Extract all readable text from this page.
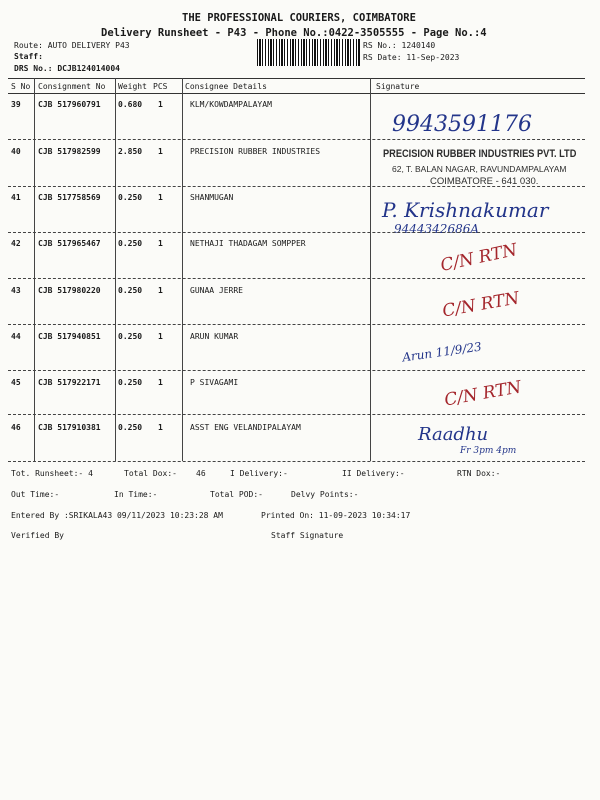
THE PROFESSIONAL COURIERS, COIMBATORE
Delivery Runsheet - P43 - Phone No.:0422-3505555 - Page No.:4
Route: AUTO DELIVERY P43
Staff:
DRS No.: DCJB124014004
RS No.: 1240140
RS Date: 11-Sep-2023
S No Consignment No Weight PCS Consignee Details	Signature
39 CJB 517960791 0.680 1	KLM/KOWDAMPALAYAM
9943591176
40 CJB 517982599 2.850 1	PRECISION RUBBER INDUSTRIES	PRECISION RUBBER INDUSTRIES PVT. LTD
62, T. BALAN NAGAR, RAVUNDAMPALAYAM
COIMBATORE - 641 030.
41 CJB 517758569 0.250 1	SHANMUGAN
P. Krishnakumar
9444342686A
42 CJB 517965467 0.250 1	NETHAJI THADAGAM SOMPPER	C/N RTN
43 CJB 517980220 0.250 1	GUNAA JERRE	C/N RTN
44 CJB 517940851 0.250 1	ARUN KUMAR
Arun 11/9/23
45 CJB 517922171 0.250 1	P SIVAGAMI	C/N RTN
46 CJB 517910381 0.250 1	ASST ENG VELANDIPALAYAM	Raadhu
Fr 3pm 4pm
Tot. Runsheet:- 4	Total Dox:- 46	I Delivery:-	II Delivery:-	RTN Dox:-
Out Time:-	In Time:-	Total POD:-	Delvy Points:-
Entered By :SRIKALA43 09/11/2023 10:23:28 AM	Printed On: 11-09-2023 10:34:17
Verified By	Staff Signature
